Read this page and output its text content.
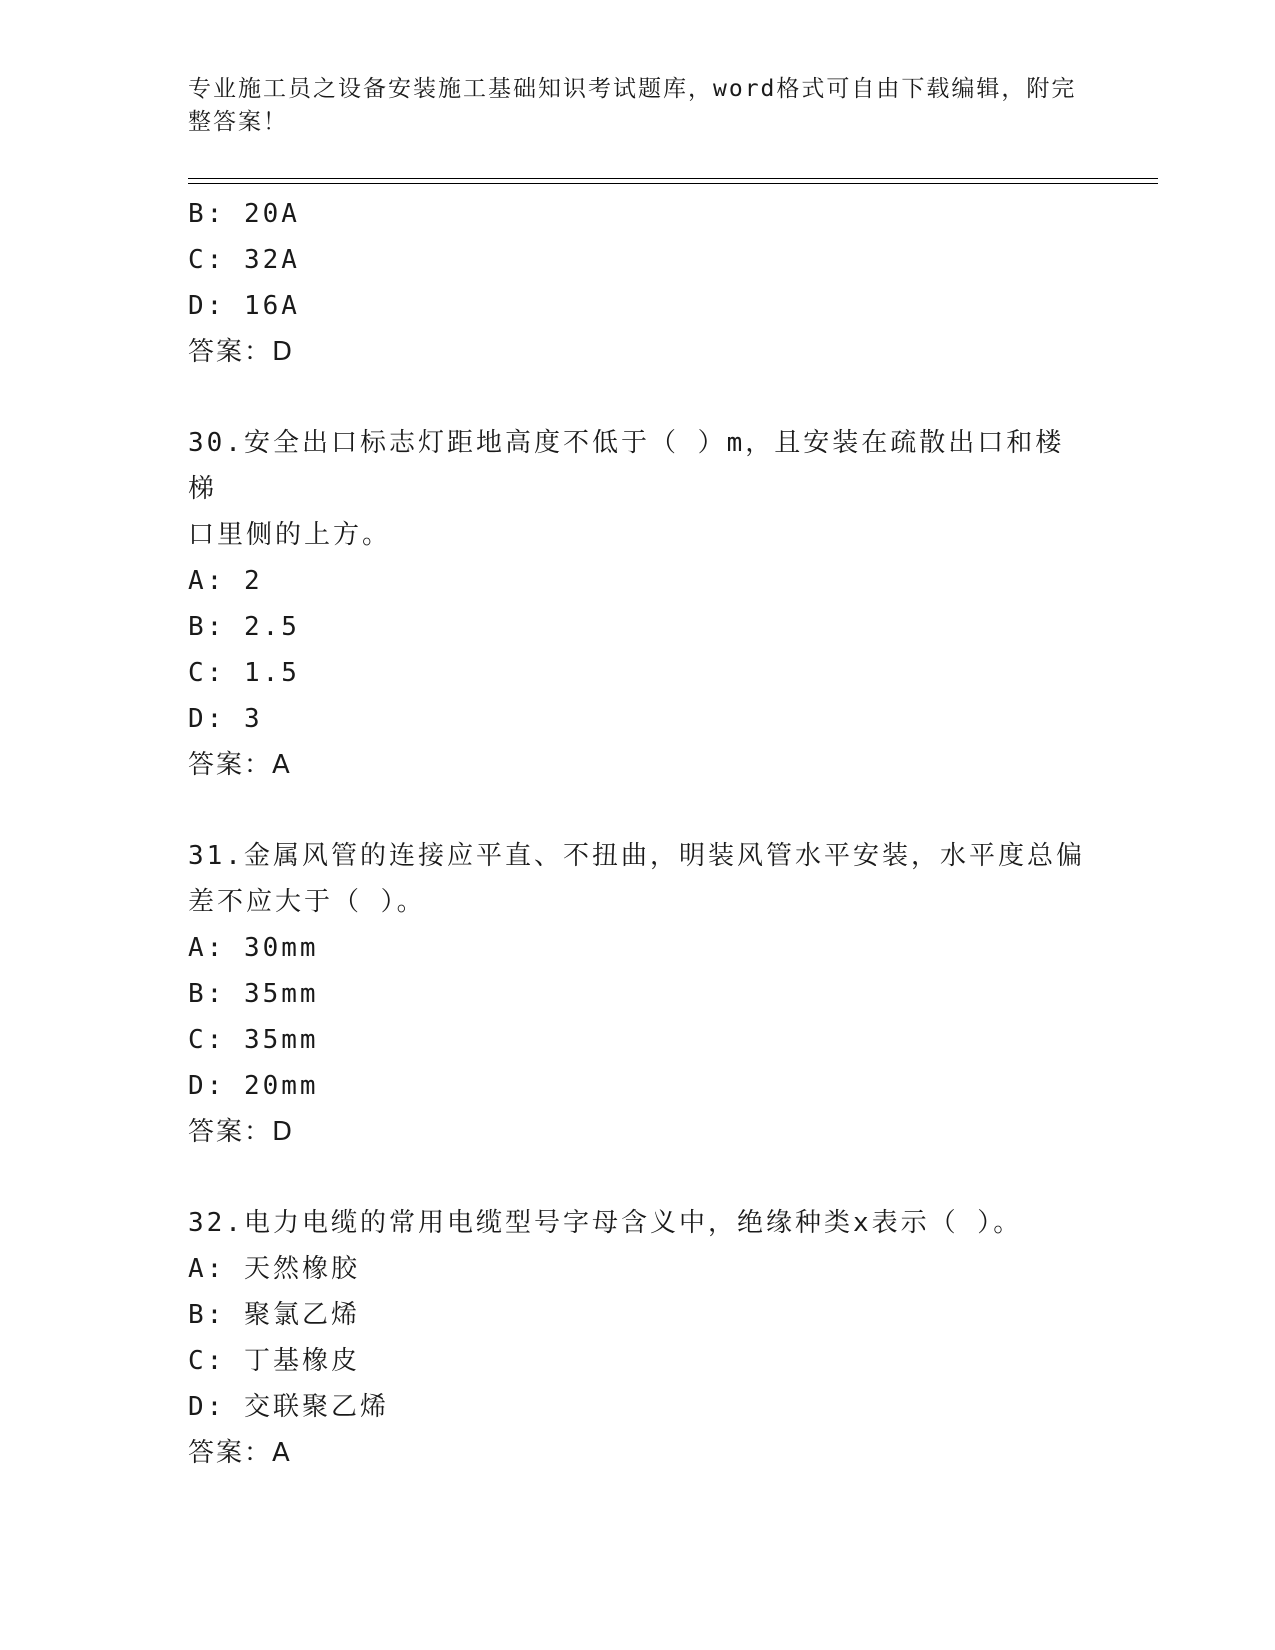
专业施工员之设备安装施工基础知识考试题库，word格式可自由下载编辑，附完
整答案！
B: 20A
C: 32A
D: 16A
答案：D
30.安全出口标志灯距地高度不低于（ ）m，且安装在疏散出口和楼梯
口里侧的上方。
A: 2
B: 2.5
C: 1.5
D: 3
答案：A
31.金属风管的连接应平直、不扭曲，明装风管水平安装，水平度总偏
差不应大于（ ）。
A: 30mm
B: 35mm
C: 35mm
D: 20mm
答案：D
32.电力电缆的常用电缆型号字母含义中，绝缘种类x表示（ ）。
A: 天然橡胶
B: 聚氯乙烯
C: 丁基橡皮
D: 交联聚乙烯
答案：A
